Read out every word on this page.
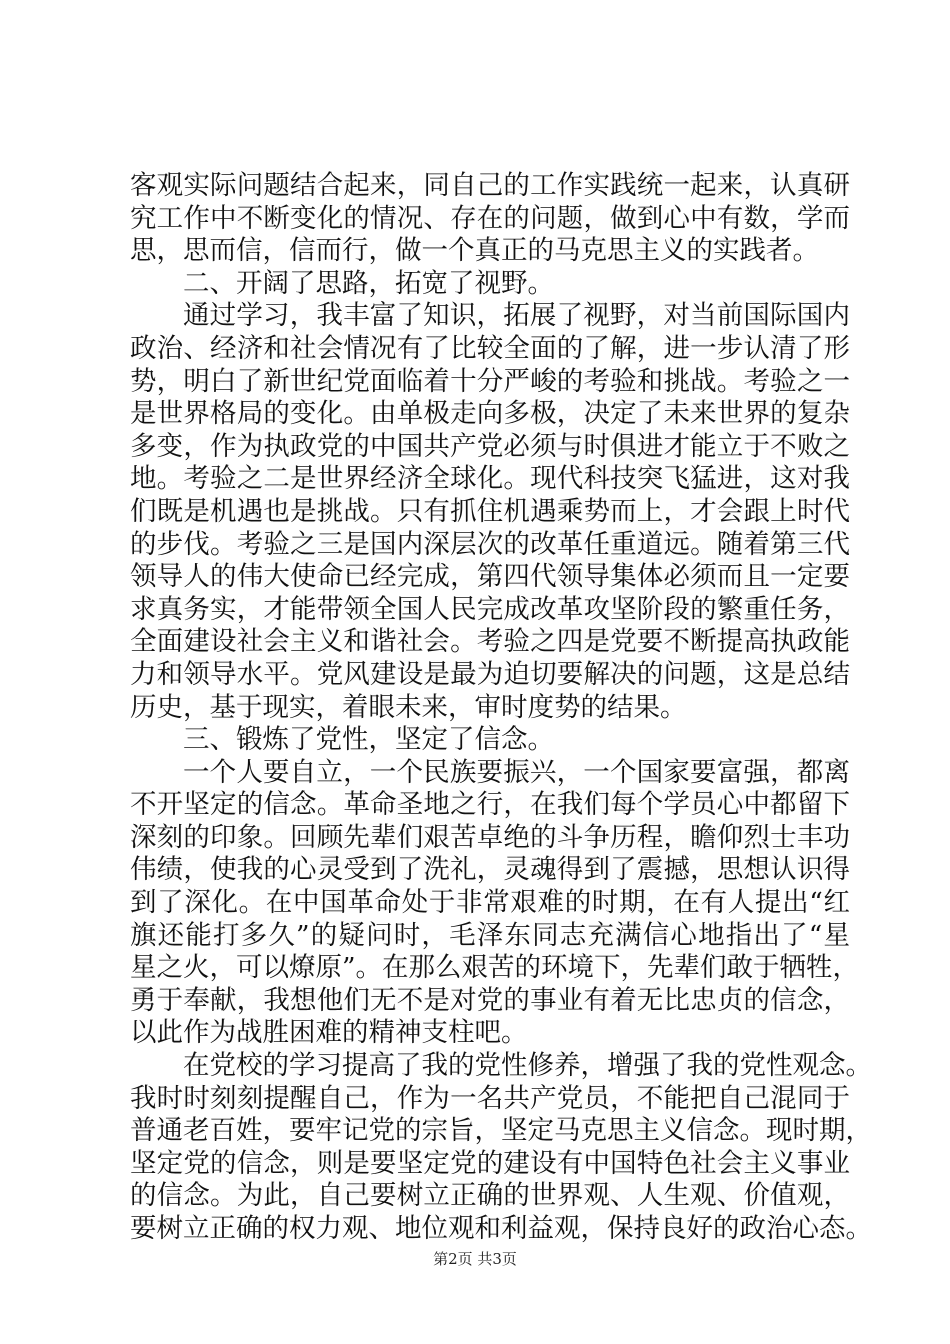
客观实际问题结合起来，同自己的工作实践统一起来，认真研
究工作中不断变化的情况、存在的问题，做到心中有数，学而
思，思而信，信而行，做一个真正的马克思主义的实践者。
二、开阔了思路，拓宽了视野。
通过学习，我丰富了知识，拓展了视野，对当前国际国内
政治、经济和社会情况有了比较全面的了解，进一步认清了形
势，明白了新世纪党面临着十分严峻的考验和挑战。考验之一
是世界格局的变化。由单极走向多极，决定了未来世界的复杂
多变，作为执政党的中国共产党必须与时俱进才能立于不败之
地。考验之二是世界经济全球化。现代科技突飞猛进，这对我
们既是机遇也是挑战。只有抓住机遇乘势而上，才会跟上时代
的步伐。考验之三是国内深层次的改革任重道远。随着第三代
领导人的伟大使命已经完成，第四代领导集体必须而且一定要
求真务实，才能带领全国人民完成改革攻坚阶段的繁重任务，
全面建设社会主义和谐社会。考验之四是党要不断提高执政能
力和领导水平。党风建设是最为迫切要解决的问题，这是总结
历史，基于现实，着眼未来，审时度势的结果。
三、锻炼了党性，坚定了信念。
一个人要自立，一个民族要振兴，一个国家要富强，都离
不开坚定的信念。革命圣地之行，在我们每个学员心中都留下
深刻的印象。回顾先辈们艰苦卓绝的斗争历程，瞻仰烈士丰功
伟绩，使我的心灵受到了洗礼，灵魂得到了震撼，思想认识得
到了深化。在中国革命处于非常艰难的时期，在有人提出“红
旗还能打多久”的疑问时，毛泽东同志充满信心地指出了“星
星之火，可以燎原”。在那么艰苦的环境下，先辈们敢于牺牲，
勇于奉献，我想他们无不是对党的事业有着无比忠贞的信念，
以此作为战胜困难的精神支柱吧。
在党校的学习提高了我的党性修养，增强了我的党性观念。
我时时刻刻提醒自己，作为一名共产党员，不能把自己混同于
普通老百姓，要牢记党的宗旨，坚定马克思主义信念。现时期，
坚定党的信念，则是要坚定党的建设有中国特色社会主义事业
的信念。为此，自己要树立正确的世界观、人生观、价值观，
要树立正确的权力观、地位观和利益观，保持良好的政治心态。
第2页 共3页
